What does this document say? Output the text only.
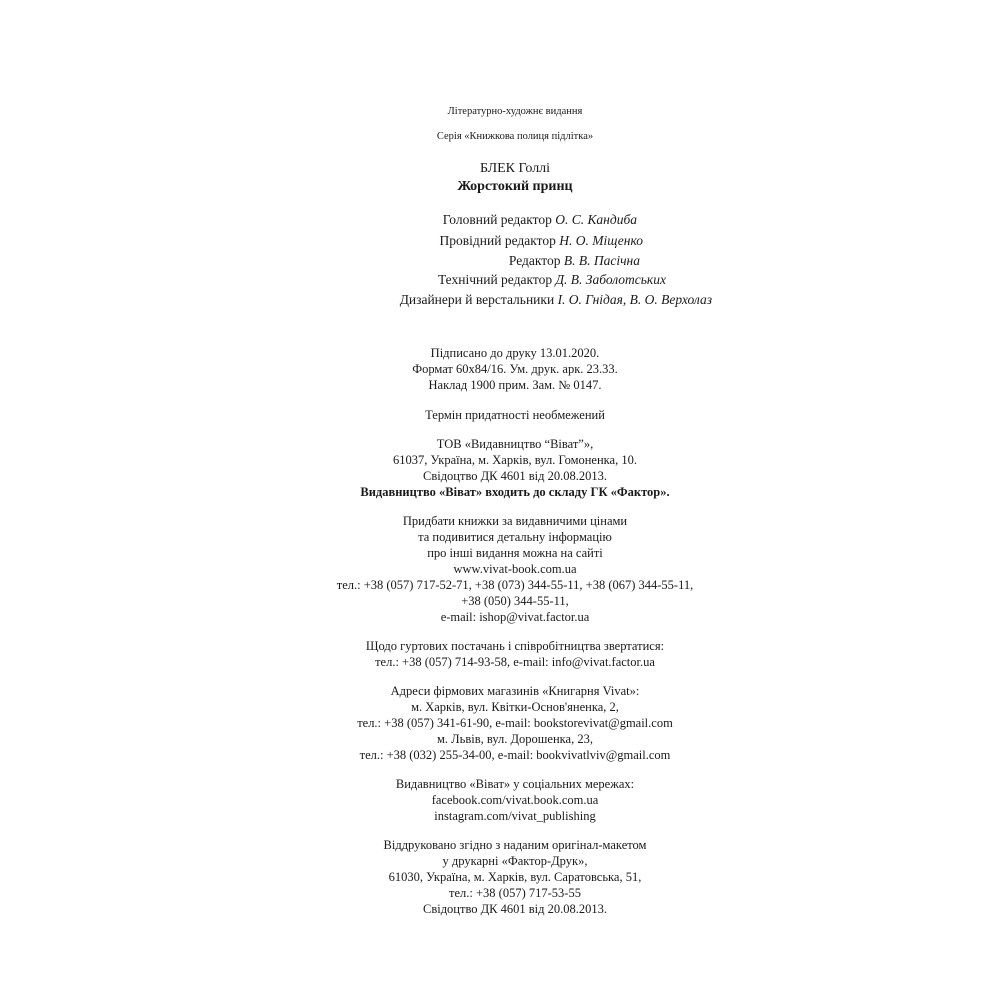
Літературно-художнє видання
Серія «Книжкова полиця підлітка»
БЛЕК Голлі
Жорстокий принц
Головний редактор О. С. Кандиба
Провідний редактор Н. О. Міщенко
Редактор В. В. Пасічна
Технічний редактор Д. В. Заболотських
Дизайнери й верстальники І. О. Гнідая, В. О. Верхолаз
Підписано до друку 13.01.2020.
Формат 60х84/16. Ум. друк. арк. 23.33.
Наклад 1900 прим. Зам. № 0147.
Термін придатності необмежений
ТОВ «Видавництво “Віват”»,
61037, Україна, м. Харків, вул. Гомоненка, 10.
Свідоцтво ДК 4601 від 20.08.2013.
Видавництво «Віват» входить до складу ГК «Фактор».
Придбати книжки за видавничими цінами
та подивитися детальну інформацію
про інші видання можна на сайті
www.vivat-book.com.ua
тел.: +38 (057) 717-52-71, +38 (073) 344-55-11, +38 (067) 344-55-11,
+38 (050) 344-55-11,
e-mail: ishop@vivat.factor.ua
Щодо гуртових постачань і співробітництва звертатися:
тел.: +38 (057) 714-93-58, e-mail: info@vivat.factor.ua
Адреси фірмових магазинів «Книгарня Vivat»:
м. Харків, вул. Квітки-Основ'яненка, 2,
тел.: +38 (057) 341-61-90, e-mail: bookstorevivat@gmail.com
м. Львів, вул. Дорошенка, 23,
тел.: +38 (032) 255-34-00, e-mail: bookvivatlviv@gmail.com
Видавництво «Віват» у соціальних мережах:
facebook.com/vivat.book.com.ua
instagram.com/vivat_publishing
Віддруковано згідно з наданим оригінал-макетом
у друкарні «Фактор-Друк»,
61030, Україна, м. Харків, вул. Саратовська, 51,
тел.: +38 (057) 717-53-55
Свідоцтво ДК 4601 від 20.08.2013.
